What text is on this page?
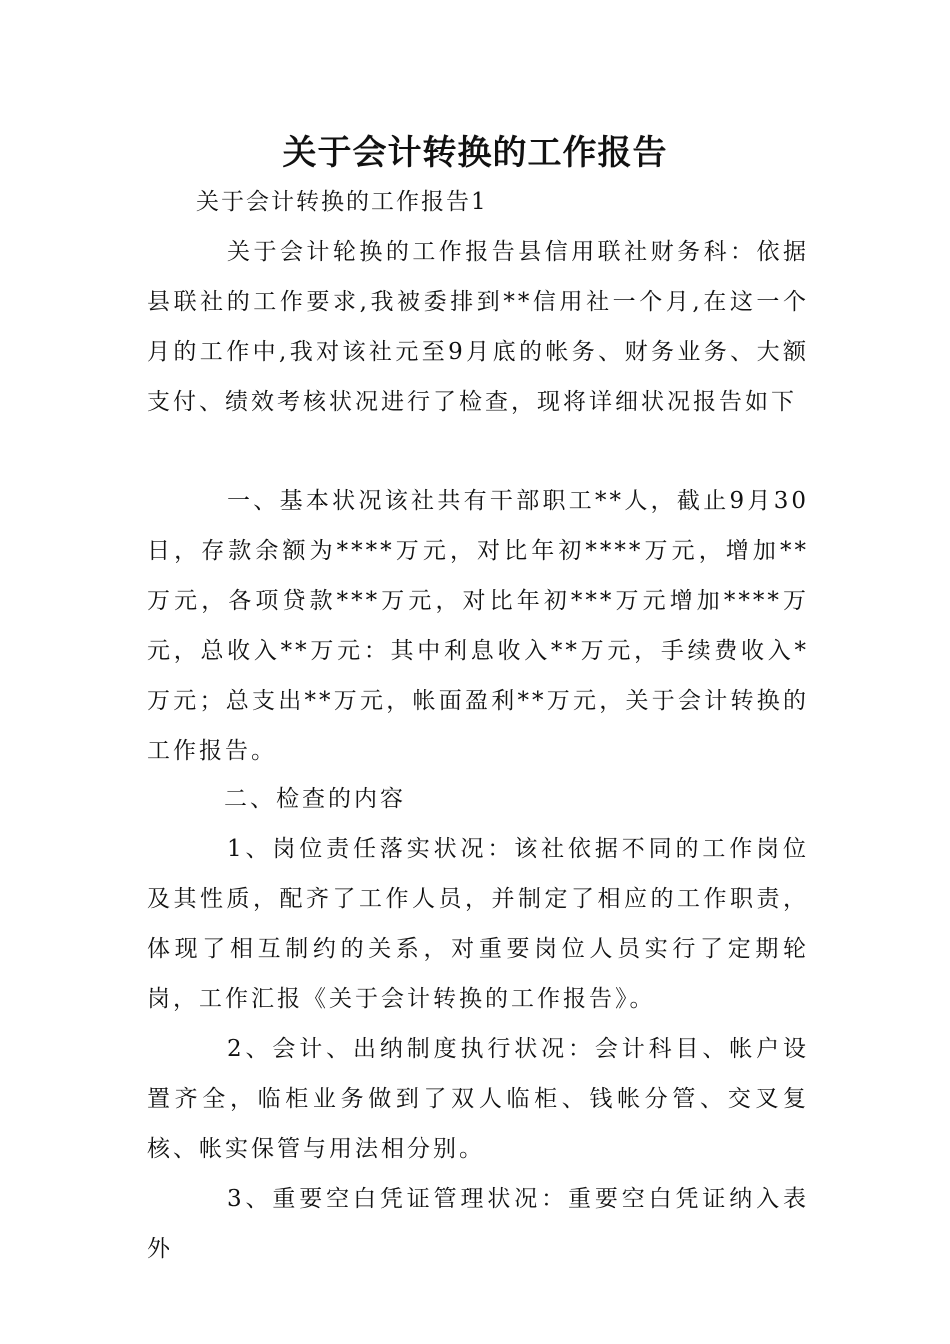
关于会计转换的工作报告
关于会计转换的工作报告1

关于会计轮换的工作报告县信用联社财务科：依据县联社的工作要求,我被委排到**信用社一个月,在这一个月的工作中,我对该社元至9月底的帐务、财务业务、大额支付、绩效考核状况进行了检查，现将详细状况报告如下

一、基本状况该社共有干部职工**人，截止9月30日，存款余额为****万元，对比年初****万元，增加**万元，各项贷款***万元，对比年初***万元增加****万元，总收入**万元：其中利息收入**万元，手续费收入*万元；总支出**万元，帐面盈利**万元，关于会计转换的工作报告。

二、检查的内容

1、岗位责任落实状况：该社依据不同的工作岗位及其性质，配齐了工作人员，并制定了相应的工作职责，体现了相互制约的关系，对重要岗位人员实行了定期轮岗，工作汇报《关于会计转换的工作报告》。

2、会计、出纳制度执行状况：会计科目、帐户设置齐全，临柜业务做到了双人临柜、钱帐分管、交叉复核、帐实保管与用法相分别。

3、重要空白凭证管理状况：重要空白凭证纳入表外
